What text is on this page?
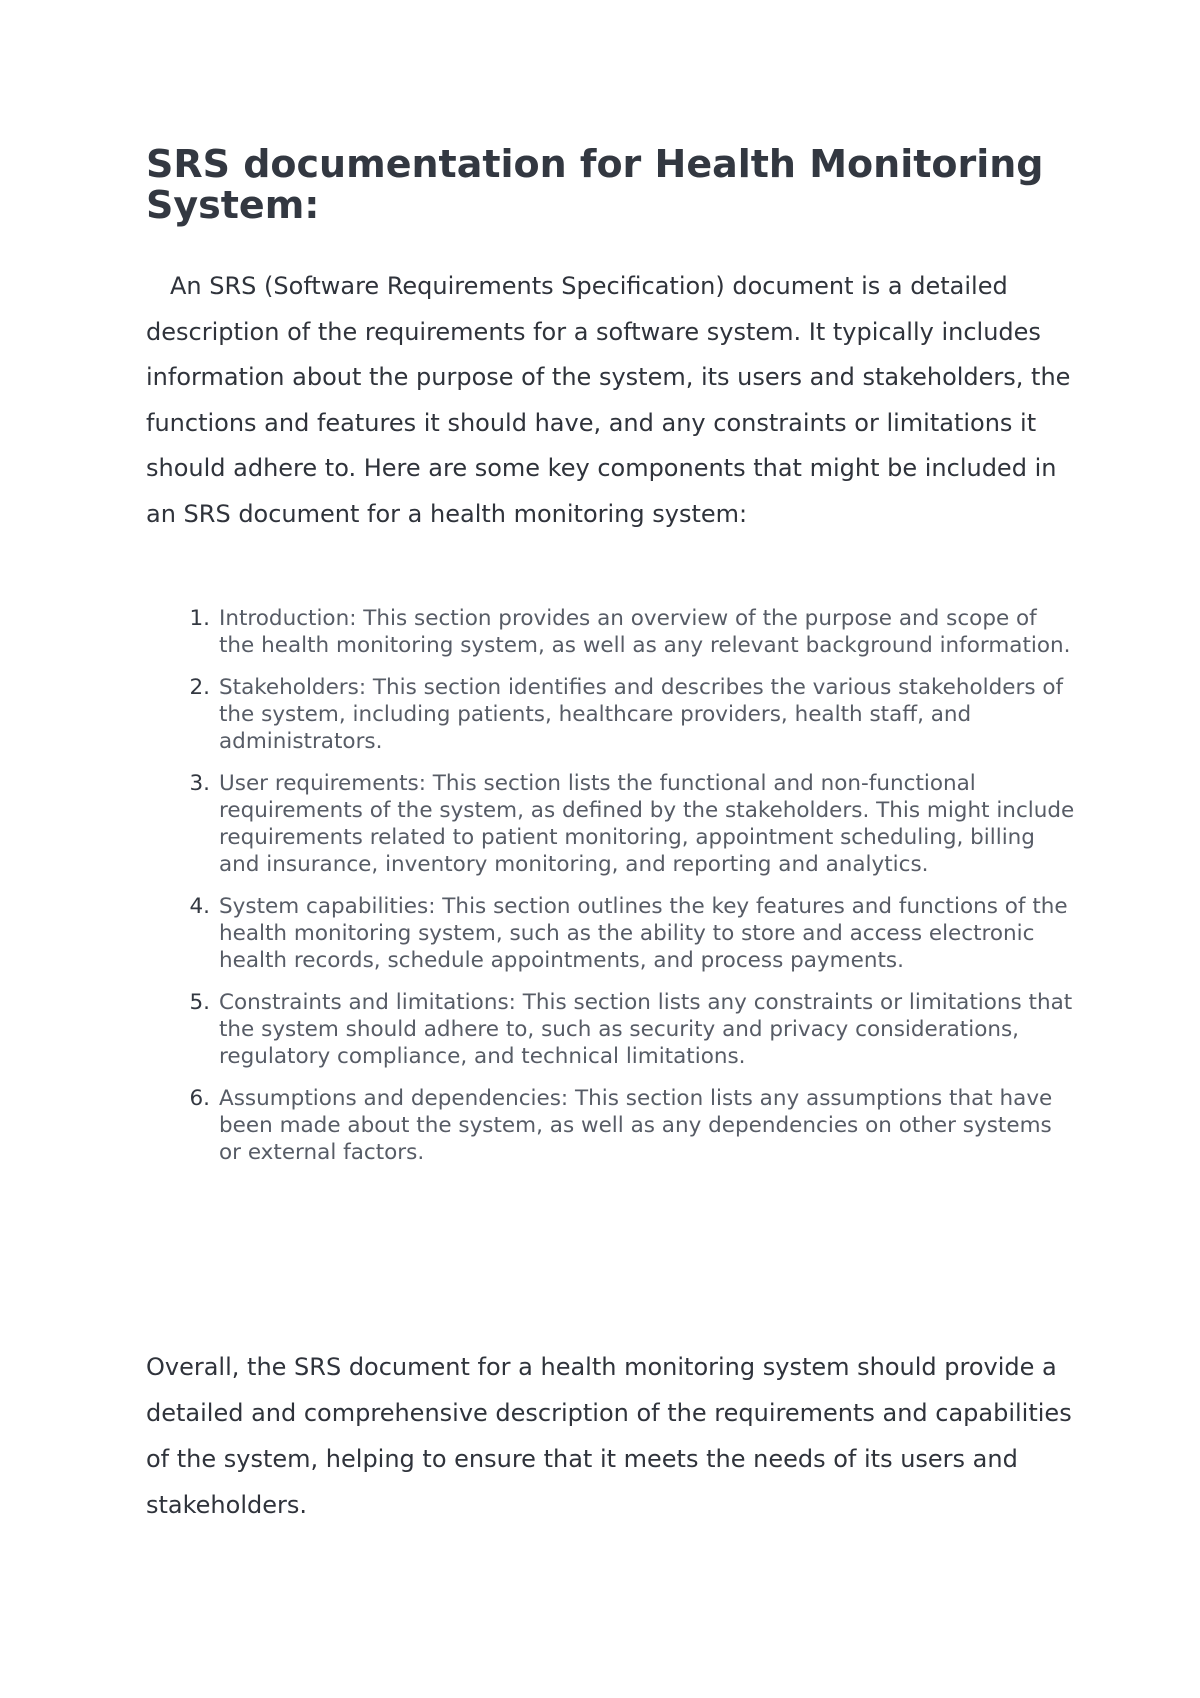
SRS documentation for Health Monitoring System:

An SRS (Software Requirements Specification) document is a detailed description of the requirements for a software system. It typically includes information about the purpose of the system, its users and stakeholders, the functions and features it should have, and any constraints or limitations it should adhere to. Here are some key components that might be included in an SRS document for a health monitoring system:

1. Introduction: This section provides an overview of the purpose and scope of the health monitoring system, as well as any relevant background information.
2. Stakeholders: This section identifies and describes the various stakeholders of the system, including patients, healthcare providers, health staff, and administrators.
3. User requirements: This section lists the functional and non-functional requirements of the system, as defined by the stakeholders. This might include requirements related to patient monitoring, appointment scheduling, billing and insurance, inventory monitoring, and reporting and analytics.
4. System capabilities: This section outlines the key features and functions of the health monitoring system, such as the ability to store and access electronic health records, schedule appointments, and process payments.
5. Constraints and limitations: This section lists any constraints or limitations that the system should adhere to, such as security and privacy considerations, regulatory compliance, and technical limitations.
6. Assumptions and dependencies: This section lists any assumptions that have been made about the system, as well as any dependencies on other systems or external factors.

Overall, the SRS document for a health monitoring system should provide a detailed and comprehensive description of the requirements and capabilities of the system, helping to ensure that it meets the needs of its users and stakeholders.
